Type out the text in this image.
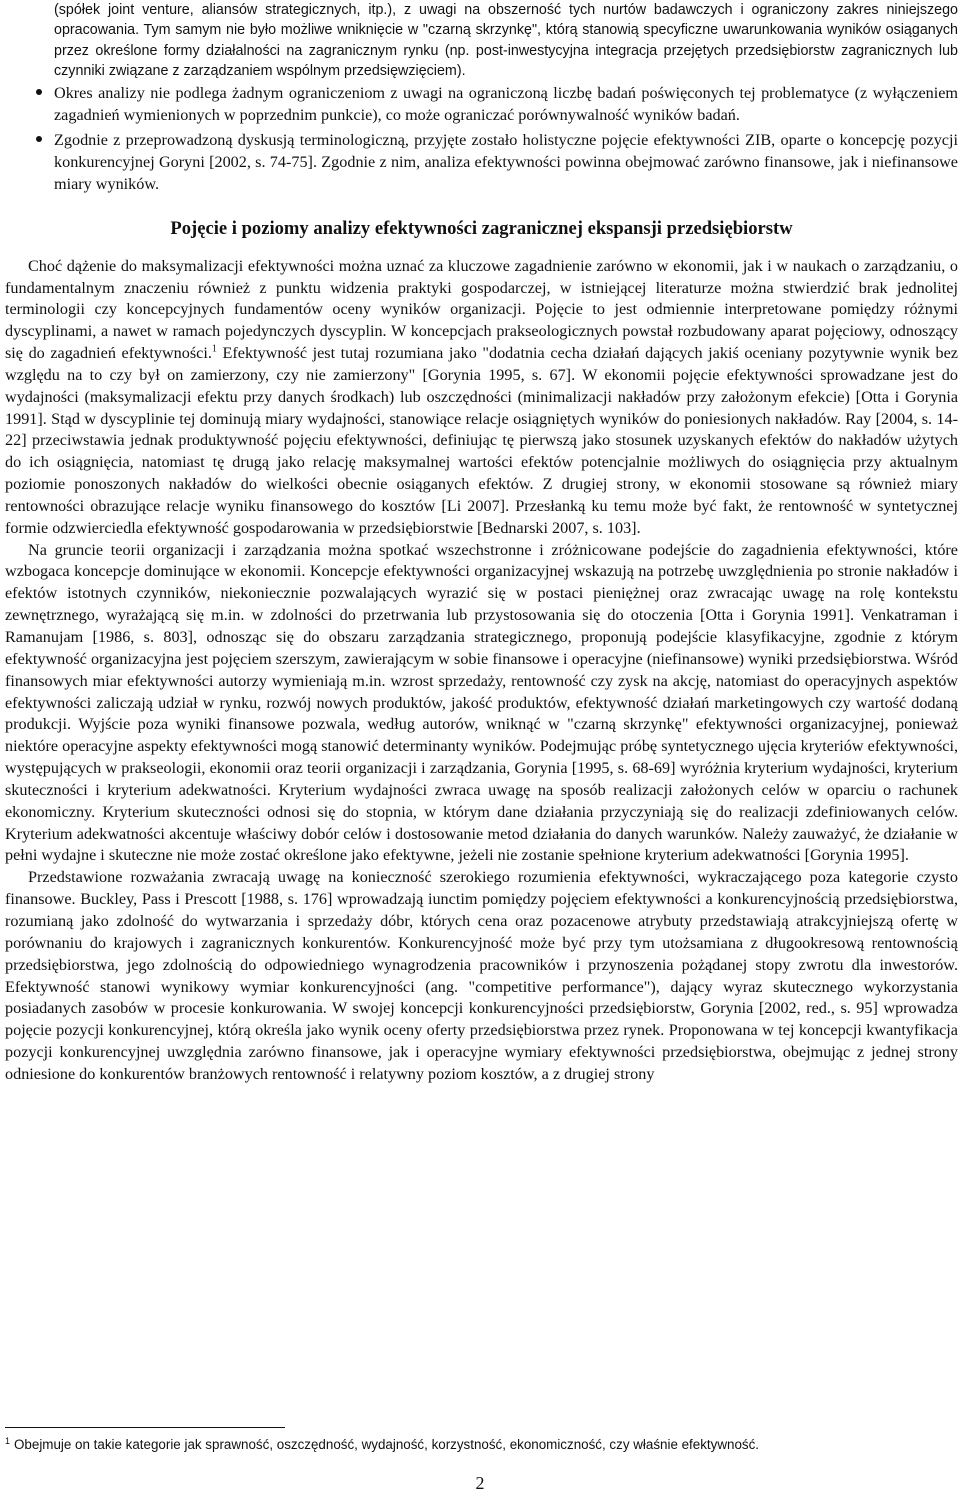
(spółek joint venture, aliansów strategicznych, itp.), z uwagi na obszerność tych nurtów badawczych i ograniczony zakres niniejszego opracowania. Tym samym nie było możliwe wniknięcie w "czarną skrzynkę", którą stanowią specyficzne uwarunkowania wyników osiąganych przez określone formy działalności na zagranicznym rynku (np. post-inwestycyjna integracja przejętych przedsiębiorstw zagranicznych lub czynniki związane z zarządzaniem wspólnym przedsięwzięciem).
Okres analizy nie podlega żadnym ograniczeniom z uwagi na ograniczoną liczbę badań poświęconych tej problematyce (z wyłączeniem zagadnień wymienionych w poprzednim punkcie), co może ograniczać porównywalność wyników badań.
Zgodnie z przeprowadzoną dyskusją terminologiczną, przyjęte zostało holistyczne pojęcie efektywności ZIB, oparte o koncepcję pozycji konkurencyjnej Goryni [2002, s. 74-75]. Zgodnie z nim, analiza efektywności powinna obejmować zarówno finansowe, jak i niefinansowe miary wyników.
Pojęcie i poziomy analizy efektywności zagranicznej ekspansji przedsiębiorstw

Choć dążenie do maksymalizacji efektywności można uznać za kluczowe zagadnienie zarówno w ekonomii, jak i w naukach o zarządzaniu, o fundamentalnym znaczeniu również z punktu widzenia praktyki gospodarczej, w istniejącej literaturze można stwierdzić brak jednolitej terminologii czy koncepcyjnych fundamentów oceny wyników organizacji. Pojęcie to jest odmiennie interpretowane pomiędzy różnymi dyscyplinami, a nawet w ramach pojedynczych dyscyplin. W koncepcjach prakseologicznych powstał rozbudowany aparat pojęciowy, odnoszący się do zagadnień efektywności.$^1$ Efektywność jest tutaj rozumiana jako "dodatnia cecha działań dających jakiś oceniany pozytywnie wynik bez względu na to czy był on zamierzony, czy nie zamierzony" [Gorynia 1995, s. 67]. W ekonomii pojęcie efektywności sprowadzane jest do wydajności (maksymalizacji efektu przy danych środkach) lub oszczędności (minimalizacji nakładów przy założonym efekcie) [Otta i Gorynia 1991]. Stąd w dyscyplinie tej dominują miary wydajności, stanowiące relacje osiągniętych wyników do poniesionych nakładów. Ray [2004, s. 14-22] przeciwstawia jednak produktywność pojęciu efektywności, definiując tę pierwszą jako stosunek uzyskanych efektów do nakładów użytych do ich osiągnięcia, natomiast tę drugą jako relację maksymalnej wartości efektów potencjalnie możliwych do osiągnięcia przy aktualnym poziomie ponoszonych nakładów do wielkości obecnie osiąganych efektów. Z drugiej strony, w ekonomii stosowane są również miary rentowności obrazujące relacje wyniku finansowego do kosztów [Li 2007]. Przesłanką ku temu może być fakt, że rentowność w syntetycznej formie odzwierciedla efektywność gospodarowania w przedsiębiorstwie [Bednarski 2007, s. 103].

Na gruncie teorii organizacji i zarządzania można spotkać wszechstronne i zróżnicowane podejście do zagadnienia efektywności, które wzbogaca koncepcje dominujące w ekonomii. Koncepcje efektywności organizacyjnej wskazują na potrzebę uwzględnienia po stronie nakładów i efektów istotnych czynników, niekoniecznie pozwalających wyrazić się w postaci pieniężnej oraz zwracając uwagę na rolę kontekstu zewnętrznego, wyrażającą się m.in. w zdolności do przetrwania lub przystosowania się do otoczenia [Otta i Gorynia 1991]. Venkatraman i Ramanujam [1986, s. 803], odnosząc się do obszaru zarządzania strategicznego, proponują podejście klasyfikacyjne, zgodnie z którym efektywność organizacyjna jest pojęciem szerszym, zawierającym w sobie finansowe i operacyjne (niefinansowe) wyniki przedsiębiorstwa. Wśród finansowych miar efektywności autorzy wymieniają m.in. wzrost sprzedaży, rentowność czy zysk na akcję, natomiast do operacyjnych aspektów efektywności zaliczają udział w rynku, rozwój nowych produktów, jakość produktów, efektywność działań marketingowych czy wartość dodaną produkcji. Wyjście poza wyniki finansowe pozwala, według autorów, wniknąć w "czarną skrzynkę" efektywności organizacyjnej, ponieważ niektóre operacyjne aspekty efektywności mogą stanowić determinanty wyników. Podejmując próbę syntetycznego ujęcia kryteriów efektywności, występujących w prakseologii, ekonomii oraz teorii organizacji i zarządzania, Gorynia [1995, s. 68-69] wyróżnia kryterium wydajności, kryterium skuteczności i kryterium adekwatności. Kryterium wydajności zwraca uwagę na sposób realizacji założonych celów w oparciu o rachunek ekonomiczny. Kryterium skuteczności odnosi się do stopnia, w którym dane działania przyczyniają się do realizacji zdefiniowanych celów. Kryterium adekwatności akcentuje właściwy dobór celów i dostosowanie metod działania do danych warunków. Należy zauważyć, że działanie w pełni wydajne i skuteczne nie może zostać określone jako efektywne, jeżeli nie zostanie spełnione kryterium adekwatności [Gorynia 1995].

Przedstawione rozważania zwracają uwagę na konieczność szerokiego rozumienia efektywności, wykraczającego poza kategorie czysto finansowe. Buckley, Pass i Prescott [1988, s. 176] wprowadzają iunctim pomiędzy pojęciem efektywności a konkurencyjnością przedsiębiorstwa, rozumianą jako zdolność do wytwarzania i sprzedaży dóbr, których cena oraz pozacenowe atrybuty przedstawiają atrakcyjniejszą ofertę w porównaniu do krajowych i zagranicznych konkurentów. Konkurencyjność może być przy tym utożsamiana z długookresową rentownością przedsiębiorstwa, jego zdolnością do odpowiedniego wynagrodzenia pracowników i przynoszenia pożądanej stopy zwrotu dla inwestorów. Efektywność stanowi wynikowy wymiar konkurencyjności (ang. "competitive performance"), dający wyraz skutecznego wykorzystania posiadanych zasobów w procesie konkurowania. W swojej koncepcji konkurencyjności przedsiębiorstw, Gorynia [2002, red., s. 95] wprowadza pojęcie pozycji konkurencyjnej, którą określa jako wynik oceny oferty przedsiębiorstwa przez rynek. Proponowana w tej koncepcji kwantyfikacja pozycji konkurencyjnej uwzględnia zarówno finansowe, jak i operacyjne wymiary efektywności przedsiębiorstwa, obejmując z jednej strony odniesione do konkurentów branżowych rentowność i relatywny poziom kosztów, a z drugiej strony

$^1$ Obejmuje on takie kategorie jak sprawność, oszczędność, wydajność, korzystność, ekonomiczność, czy właśnie efektywność.
2
